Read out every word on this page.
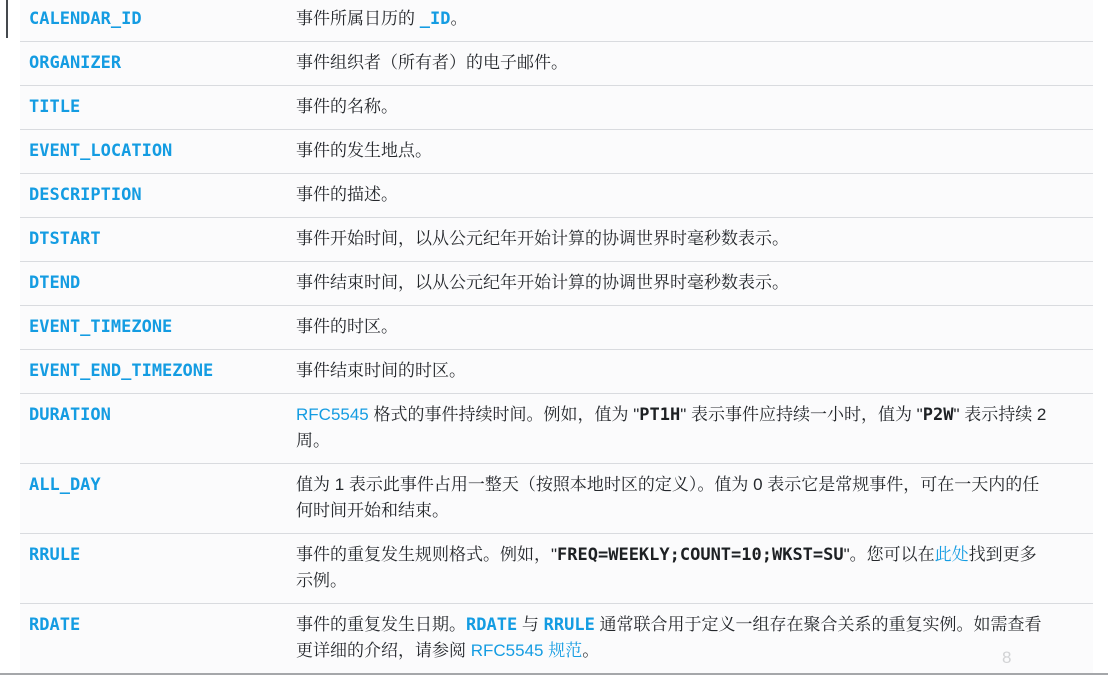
CALENDAR_ID	事件所属日历的 _ID。
ORGANIZER	事件组织者（所有者）的电子邮件。
TITLE	事件的名称。
EVENT_LOCATION	事件的发生地点。
DESCRIPTION	事件的描述。
DTSTART	事件开始时间，以从公元纪年开始计算的协调世界时毫秒数表示。
DTEND	事件结束时间，以从公元纪年开始计算的协调世界时毫秒数表示。
EVENT_TIMEZONE	事件的时区。
EVENT_END_TIMEZONE	事件结束时间的时区。
DURATION	RFC5545 格式的事件持续时间。例如，值为 "PT1H" 表示事件应持续一小时，值为 "P2W" 表示持续 2 周。
ALL_DAY	值为 1 表示此事件占用一整天（按照本地时区的定义）。值为 0 表示它是常规事件，可在一天内的任何时间开始和结束。
RRULE	事件的重复发生规则格式。例如，"FREQ=WEEKLY;COUNT=10;WKST=SU"。您可以在此处找到更多示例。
RDATE	事件的重复发生日期。RDATE 与 RRULE 通常联合用于定义一组存在聚合关系的重复实例。如需查看更详细的介绍，请参阅 RFC5545 规范。	8
